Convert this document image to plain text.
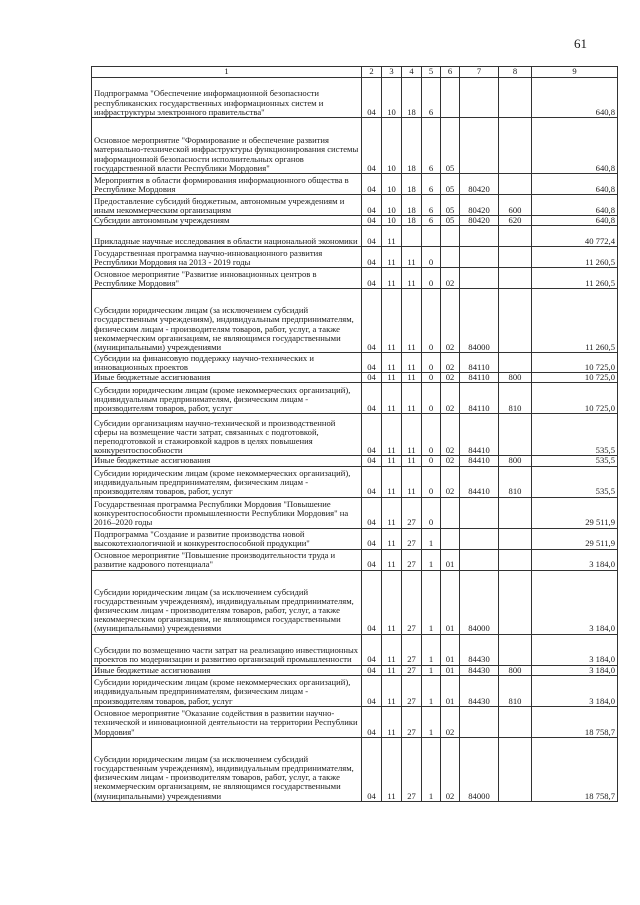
61
1	2	3	4	5	6	7	8	9
Подпрограмма "Обеспечение информационной безопасности республиканских государственных информационных систем и инфраструктуры электронного правительства"	04	10	18	6				640,8
Основное мероприятие "Формирование и обеспечение развития материально-технической инфраструктуры функционирования системы информационной безопасности исполнительных органов государственной власти Республики Мордовия"	04	10	18	6	05			640,8
Мероприятия в области формирования информационного общества в Республике Мордовия	04	10	18	6	05	80420		640,8
Предоставление субсидий бюджетным, автономным учреждениям и иным некоммерческим организациям	04	10	18	6	05	80420	600	640,8
Субсидии автономным учреждениям	04	10	18	6	05	80420	620	640,8
Прикладные научные исследования в области национальной экономики	04	11						40 772,4
Государственная программа научно-инновационного развития Республики Мордовия на 2013 - 2019 годы	04	11	11	0				11 260,5
Основное мероприятие "Развитие инновационных центров в Республике Мордовия"	04	11	11	0	02			11 260,5
Субсидии юридическим лицам (за исключением субсидий государственным учреждениям), индивидуальным предпринимателям, физическим лицам - производителям товаров, работ, услуг, а также некоммерческим организациям, не являющимся государственными (муниципальными) учреждениями	04	11	11	0	02	84000		11 260,5
Субсидии на финансовую поддержку научно-технических и инновационных проектов	04	11	11	0	02	84110		10 725,0
Иные бюджетные ассигнования	04	11	11	0	02	84110	800	10 725,0
Субсидии юридическим лицам (кроме некоммерческих организаций), индивидуальным предпринимателям, физическим лицам - производителям товаров, работ, услуг	04	11	11	0	02	84110	810	10 725,0
Субсидии организациям научно-технической и производственной сферы на возмещение части затрат, связанных с подготовкой, переподготовкой и стажировкой кадров в целях повышения конкурентоспособности	04	11	11	0	02	84410		535,5
Иные бюджетные ассигнования	04	11	11	0	02	84410	800	535,5
Субсидии юридическим лицам (кроме некоммерческих организаций), индивидуальным предпринимателям, физическим лицам - производителям товаров, работ, услуг	04	11	11	0	02	84410	810	535,5
Государственная программа Республики Мордовия "Повышение конкурентоспособности промышленности Республики Мордовия" на 2016–2020 годы	04	11	27	0				29 511,9
Подпрограмма "Создание и развитие производства новой высокотехнологичной и конкурентоспособной продукции"	04	11	27	1				29 511,9
Основное мероприятие "Повышение производительности труда и развитие кадрового потенциала"	04	11	27	1	01			3 184,0
Субсидии юридическим лицам (за исключением субсидий государственным учреждениям), индивидуальным предпринимателям, физическим лицам - производителям товаров, работ, услуг, а также некоммерческим организациям, не являющимся государственными (муниципальными) учреждениями	04	11	27	1	01	84000		3 184,0
Субсидии по возмещению части затрат на реализацию инвестиционных проектов по модернизации и развитию организаций промышленности	04	11	27	1	01	84430		3 184,0
Иные бюджетные ассигнования	04	11	27	1	01	84430	800	3 184,0
Субсидии юридическим лицам (кроме некоммерческих организаций), индивидуальным предпринимателям, физическим лицам - производителям товаров, работ, услуг	04	11	27	1	01	84430	810	3 184,0
Основное мероприятие "Оказание содействия в развитии научно-технической и инновационной деятельности на территории Республики Мордовия"	04	11	27	1	02			18 758,7
Субсидии юридическим лицам (за исключением субсидий государственным учреждениям), индивидуальным предпринимателям, физическим лицам - производителям товаров, работ, услуг, а также некоммерческим организациям, не являющимся государственными (муниципальными) учреждениями	04	11	27	1	02	84000		18 758,7
